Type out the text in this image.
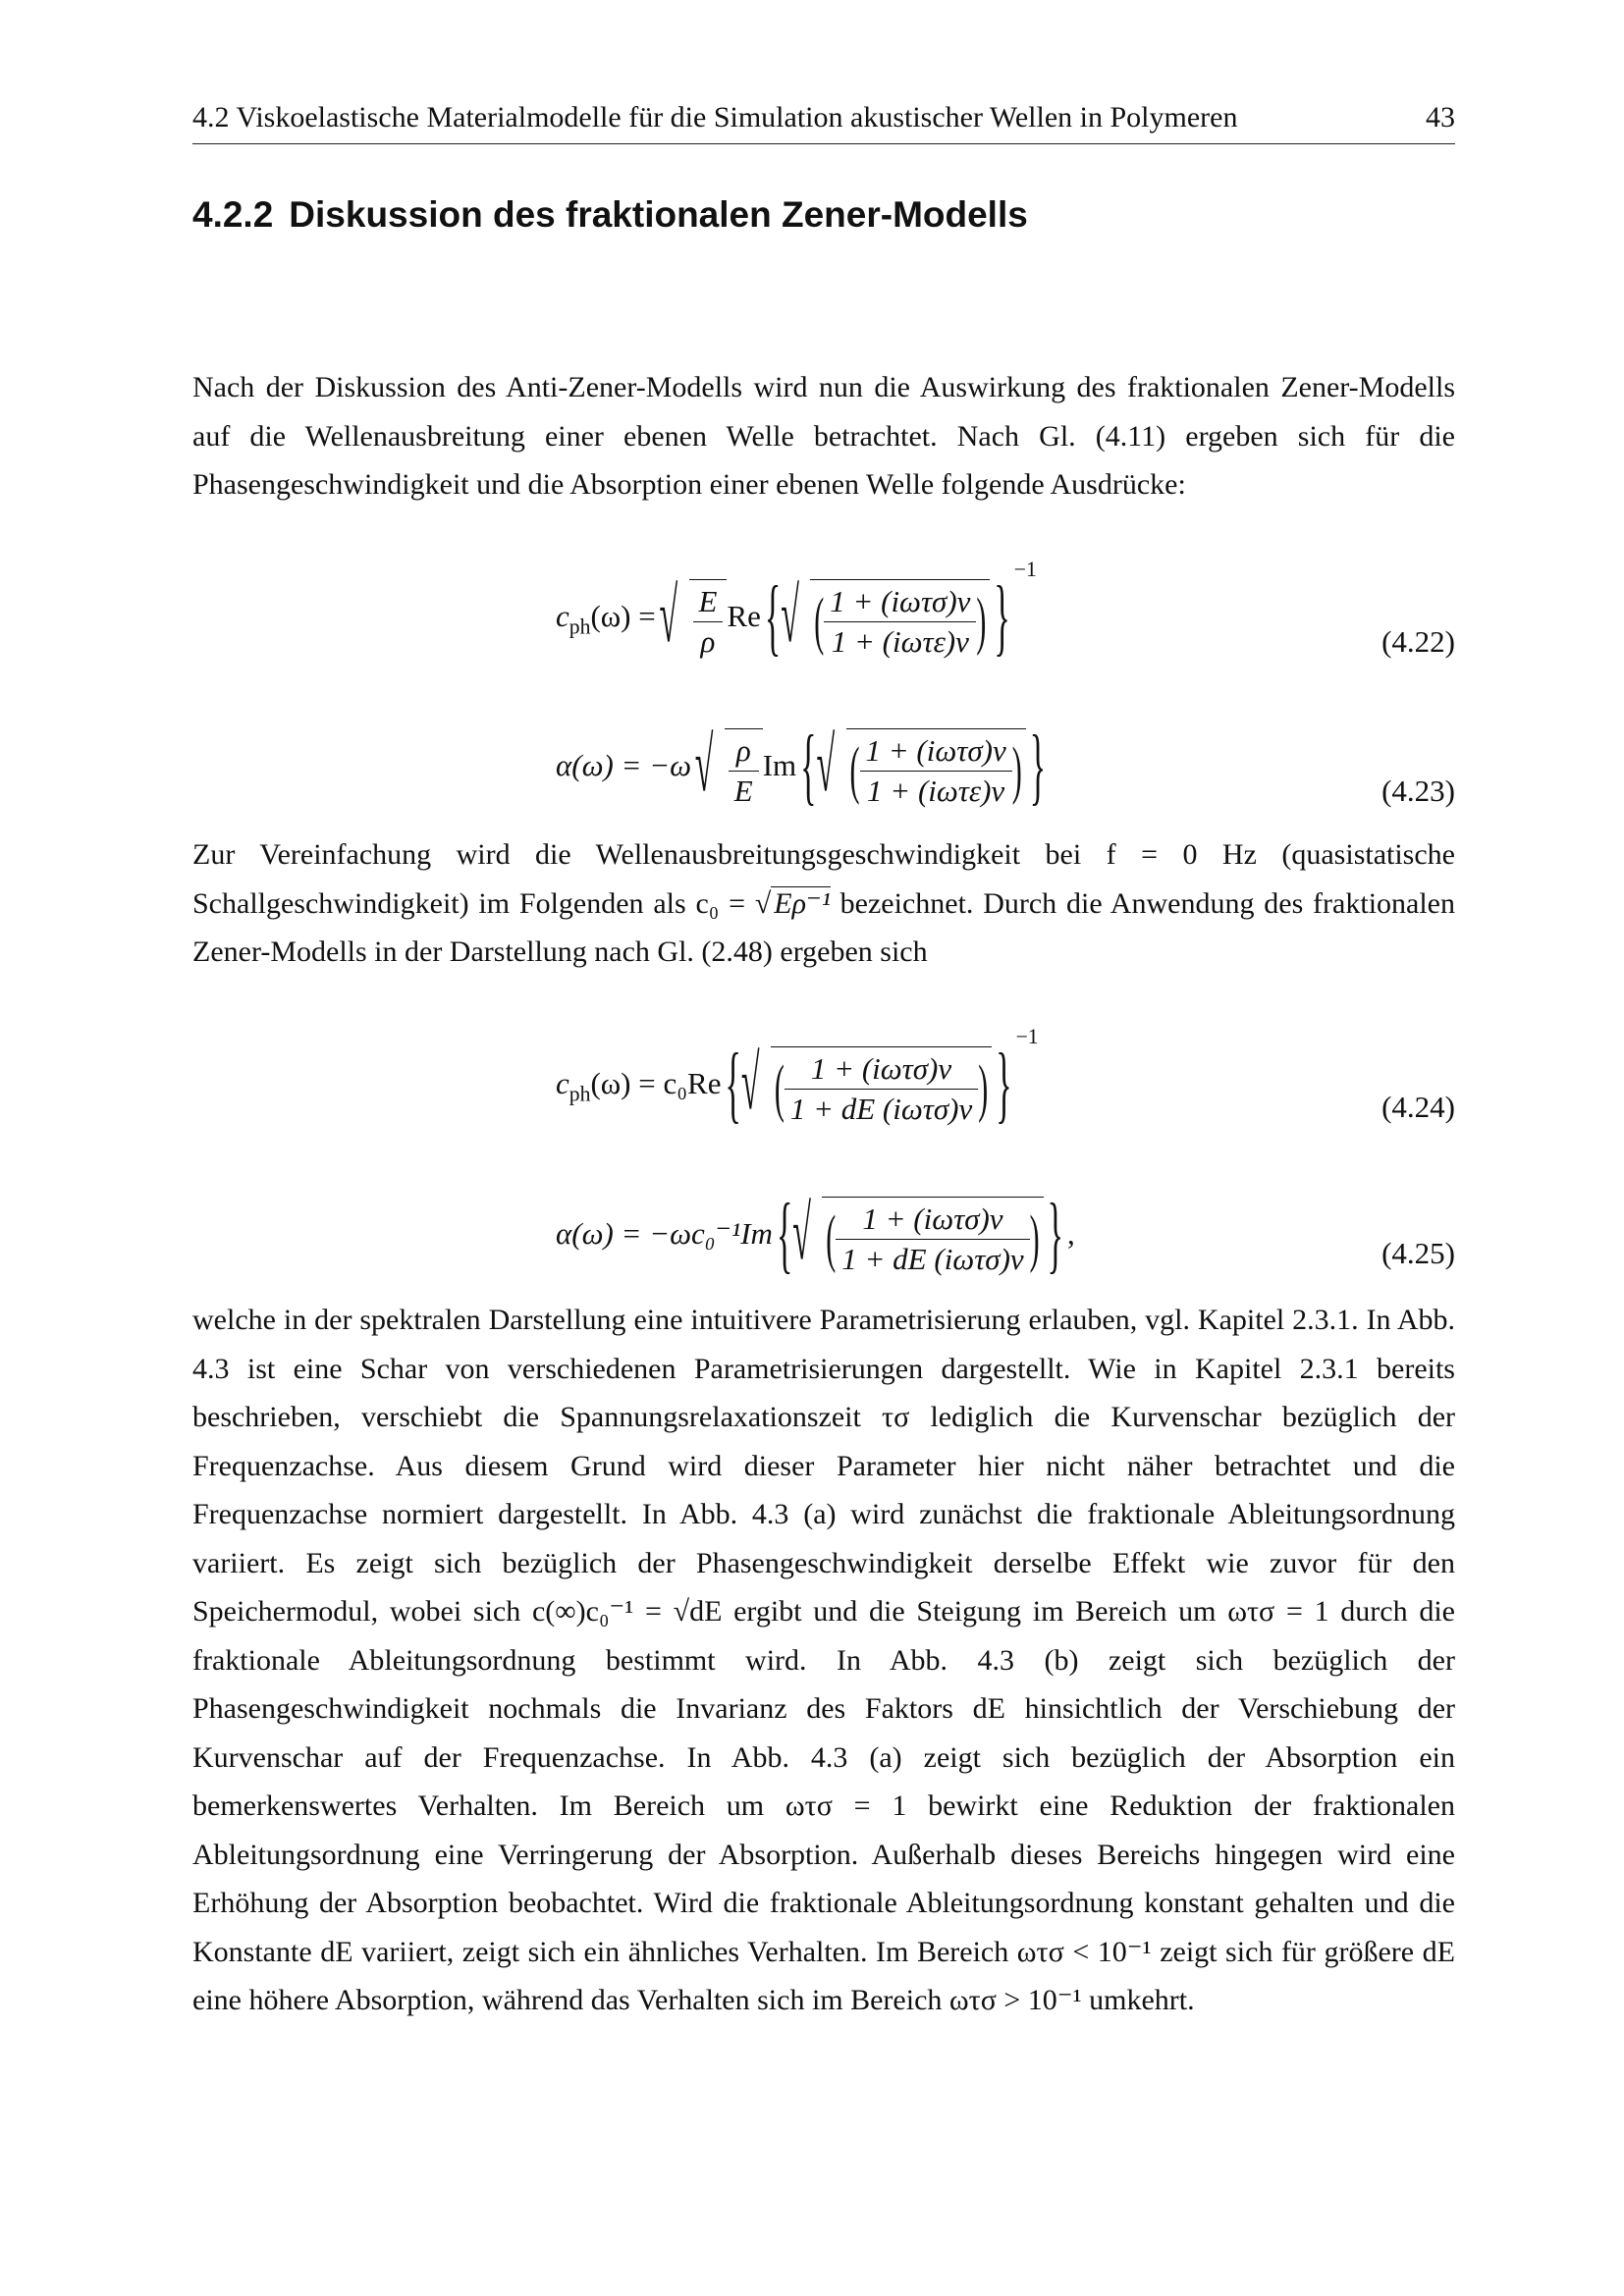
4.2 Viskoelastische Materialmodelle für die Simulation akustischer Wellen in Polymeren	43
4.2.2 Diskussion des fraktionalen Zener-Modells

Nach der Diskussion des Anti-Zener-Modells wird nun die Auswirkung des fraktionalen Zener-Modells auf die Wellenausbreitung einer ebenen Welle betrachtet. Nach Gl. (4.11) ergeben sich für die Phasengeschwindigkeit und die Absorption einer ebenen Welle folgende Ausdrücke:

$c_{ph}(\omega)$ = √ $\frac{E}{\rho}$ Re { √ ( $\frac{\text{1 + (iωτσ)ν}}{\text{1 + (iωτε)ν}}$ ) }$^{-1}$
(4.22)
α(ω) = −ω √ $\frac{\rho}{E}$ Im { √ ( $\frac{\text{1 + (iωτσ)ν}}{\text{1 + (iωτε)ν}}$ ) }	(4.23)

Zur Vereinfachung wird die Wellenausbreitungsgeschwindigkeit bei f = 0 Hz (quasistatische Schallgeschwindigkeit) im Folgenden als c₀ = √ Eρ⁻¹ bezeichnet. Durch die Anwendung des fraktionalen Zener-Modells in der Darstellung nach Gl. (2.48) ergeben sich

$c_{ph}(\omega) = c_0Re$ { √ ( $\frac{\text{1 + (iωτσ)ν}}{\text{1 + dE (iωτσ)ν}}$ ) }$^{-1}$
(4.24)
α(ω) = −ωc₀⁻¹Im { √ ( $\frac{\text{1 + (iωτσ)ν}}{\text{1 + dE (iωτσ)ν}}$ ) } ,
(4.25)

welche in der spektralen Darstellung eine intuitivere Parametrisierung erlauben, vgl. Kapitel 2.3.1. In Abb. 4.3 ist eine Schar von verschiedenen Parametrisierungen dargestellt. Wie in Kapitel 2.3.1 bereits beschrieben, verschiebt die Spannungsrelaxationszeit τσ lediglich die Kurvenschar bezüglich der Frequenzachse. Aus diesem Grund wird dieser Parameter hier nicht näher betrachtet und die Frequenzachse normiert dargestellt. In Abb. 4.3 (a) wird zunächst die fraktionale Ableitungsordnung variiert. Es zeigt sich bezüglich der Phasengeschwindigkeit derselbe Effekt wie zuvor für den Speichermodul, wobei sich c(∞)c₀⁻¹ = √dE ergibt und die Steigung im Bereich um ωτσ = 1 durch die fraktionale Ableitungsordnung bestimmt wird. In Abb. 4.3 (b) zeigt sich bezüglich der Phasengeschwindigkeit nochmals die Invarianz des Faktors dE hinsichtlich der Verschiebung der Kurvenschar auf der Frequenzachse. In Abb. 4.3 (a) zeigt sich bezüglich der Absorption ein bemerkenswertes Verhalten. Im Bereich um ωτσ = 1 bewirkt eine Reduktion der fraktionalen Ableitungsordnung eine Verringerung der Absorption. Außerhalb dieses Bereichs hingegen wird eine Erhöhung der Absorption beobachtet. Wird die fraktionale Ableitungsordnung konstant gehalten und die Konstante dE variiert, zeigt sich ein ähnliches Verhalten. Im Bereich ωτσ < 10⁻¹ zeigt sich für größere dE eine höhere Absorption, während das Verhalten sich im Bereich ωτσ > 10⁻¹ umkehrt.
